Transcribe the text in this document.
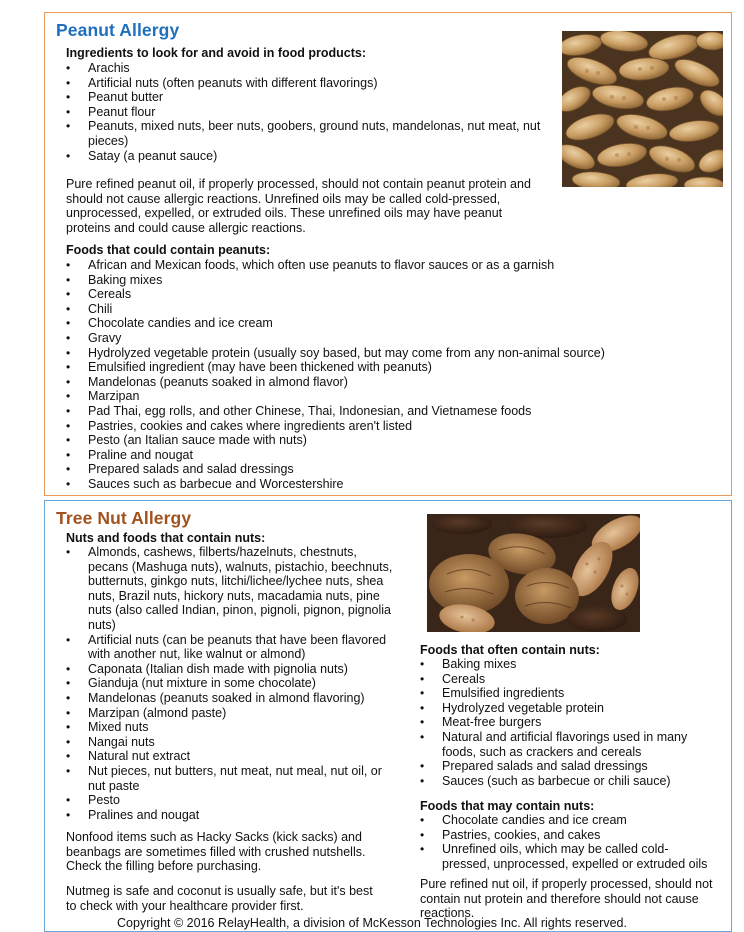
Peanut Allergy
Ingredients to look for and avoid in food products:
• Arachis
• Artificial nuts (often peanuts with different flavorings)
• Peanut butter
• Peanut flour
• Peanuts, mixed nuts, beer nuts, goobers, ground nuts, mandelonas, nut meat, nut pieces)
• Satay (a peanut sauce)
Pure refined peanut oil, if properly processed, should not contain peanut protein and should not cause allergic reactions. Unrefined oils may be called cold-pressed, unprocessed, expelled, or extruded oils. These unrefined oils may have peanut proteins and could cause allergic reactions.
Foods that could contain peanuts:
• African and Mexican foods, which often use peanuts to flavor sauces or as a garnish
• Baking mixes
• Cereals
• Chili
• Chocolate candies and ice cream
• Gravy
• Hydrolyzed vegetable protein (usually soy based, but may come from any non-animal source)
• Emulsified ingredient (may have been thickened with peanuts)
• Mandelonas (peanuts soaked in almond flavor)
• Marzipan
• Pad Thai, egg rolls, and other Chinese, Thai, Indonesian, and Vietnamese foods
• Pastries, cookies and cakes where ingredients aren't listed
• Pesto (an Italian sauce made with nuts)
• Praline and nougat
• Prepared salads and salad dressings
• Sauces such as barbecue and Worcestershire
Tree Nut Allergy
Nuts and foods that contain nuts:
• Almonds, cashews, filberts/hazelnuts, chestnuts, pecans (Mashuga nuts), walnuts, pistachio, beechnuts, butternuts, ginkgo nuts, litchi/lichee/lychee nuts, shea nuts, Brazil nuts, hickory nuts, macadamia nuts, pine nuts (also called Indian, pinon, pignoli, pignon, pignolia nuts)
• Artificial nuts (can be peanuts that have been flavored with another nut, like walnut or almond)
• Caponata (Italian dish made with pignolia nuts)
• Gianduja (nut mixture in some chocolate)
• Mandelonas (peanuts soaked in almond flavoring)
• Marzipan (almond paste)
• Mixed nuts
• Nangai nuts
• Natural nut extract
• Nut pieces, nut butters, nut meat, nut meal, nut oil, or nut paste
• Pesto
• Pralines and nougat
Nonfood items such as Hacky Sacks (kick sacks) and beanbags are sometimes filled with crushed nutshells. Check the filling before purchasing.
Nutmeg is safe and coconut is usually safe, but it's best to check with your healthcare provider first.
Foods that often contain nuts:
• Baking mixes
• Cereals
• Emulsified ingredients
• Hydrolyzed vegetable protein
• Meat-free burgers
• Natural and artificial flavorings used in many foods, such as crackers and cereals
• Prepared salads and salad dressings
• Sauces (such as barbecue or chili sauce)
Foods that may contain nuts:
• Chocolate candies and ice cream
• Pastries, cookies, and cakes
• Unrefined oils, which may be called cold-pressed, unprocessed, expelled or extruded oils
Pure refined nut oil, if properly processed, should not contain nut protein and therefore should not cause reactions.
Copyright © 2016 RelayHealth, a division of McKesson Technologies Inc. All rights reserved.
